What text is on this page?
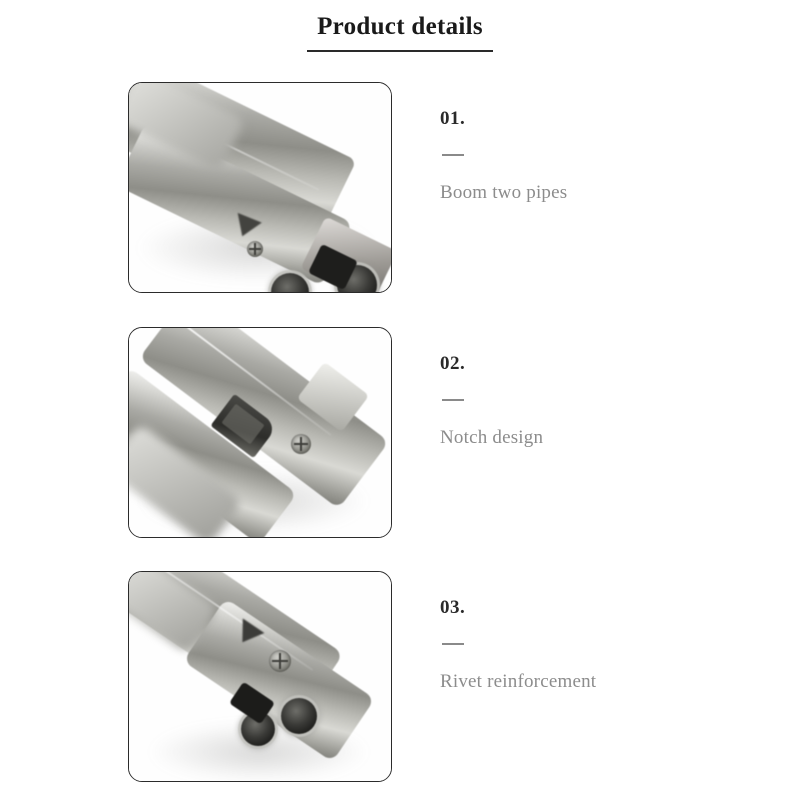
Product details
01.
Boom two pipes
02.
Notch design
03.
Rivet reinforcement
